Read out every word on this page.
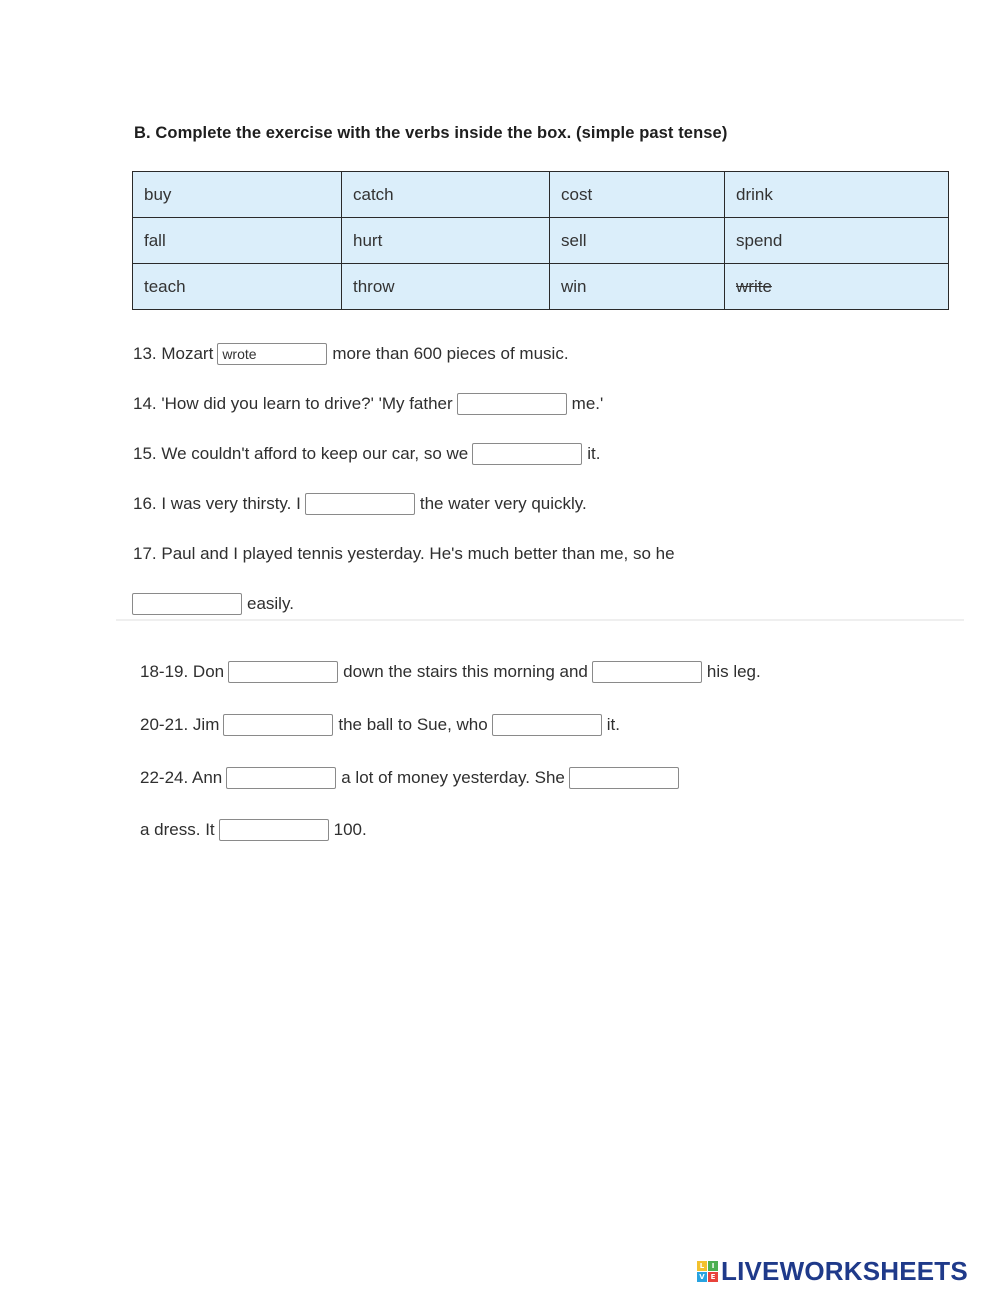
B. Complete the exercise with the verbs inside the box. (simple past tense)
buy	catch	cost	drink
fall	hurt	sell	spend
teach	throw	win	write
13. Mozart
wrote	more than 600 pieces of music.
14. 'How did you learn to drive?' 'My father	me.'
15. We couldn't afford to keep our car, so we	it.
16. I was very thirsty. I	the water very quickly.
17. Paul and I played tennis yesterday. He's much better than me, so he
easily.
18-19. Don	down the stairs this morning and	his leg.
20-21. Jim	the ball to Sue, who	it.
22-24. Ann	a lot of money yesterday. She
a dress. It	100.
L	I
V E LIVEWORKSHEETS
